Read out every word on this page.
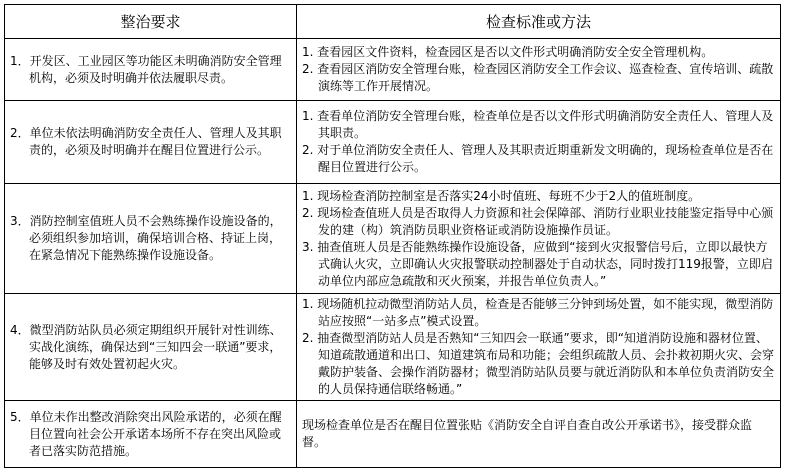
整治要求	检查标准或方法

1．开发区、工业园区等功能区未明确消防安全管理机构，必须及时明确并依法履职尽责。	1. 查看园区文件资料，检查园区是否以文件形式明确消防安全安全管理机构。
2. 查看园区消防安全管理台账，检查园区消防安全工作会议、巡查检查、宣传培训、疏散演练等工作开展情况。

2．单位未依法明确消防安全责任人、管理人及其职责的，必须及时明确并在醒目位置进行公示。	1. 查看单位消防安全管理台账，检查单位是否以文件形式明确消防安全责任人、管理人及其职责。
2. 对于单位消防安全责任人、管理人及其职责近期重新发文明确的，现场检查单位是否在醒目位置进行公示。

3．消防控制室值班人员不会熟练操作设施设备的，必须组织参加培训，确保培训合格、持证上岗，在紧急情况下能熟练操作设施设备。	1. 现场检查消防控制室是否落实24小时值班、每班不少于2人的值班制度。
2. 现场检查值班人员是否取得人力资源和社会保障部、消防行业职业技能鉴定指导中心颁发的建（构）筑消防员职业资格证或消防设施操作员证。
3. 抽查值班人员是否能熟练操作设施设备，应做到“接到火灾报警信号后，立即以最快方式确认火灾，立即确认火灾报警联动控制器处于自动状态，同时拨打119报警，立即启动单位内部应急疏散和灭火预案，并报告单位负责人。”

4．微型消防站队员必须定期组织开展针对性训练、实战化演练，确保达到“三知四会一联通”要求，能够及时有效处置初起火灾。	1. 现场随机拉动微型消防站人员，检查是否能够三分钟到场处置，如不能实现，微型消防站应按照“一站多点”模式设置。
2. 抽查微型消防站人员是否熟知“三知四会一联通”要求，即“知道消防设施和器材位置、知道疏散通道和出口、知道建筑布局和功能；会组织疏散人员、会扑救初期火灾、会穿戴防护装备、会操作消防器材；微型消防站队员要与就近消防队和本单位负责消防安全的人员保持通信联络畅通。”

5．单位未作出整改消除突出风险承诺的，必须在醒目位置向社会公开承诺本场所不存在突出风险或者已落实防范措施。	现场检查单位是否在醒目位置张贴《消防安全自评自查自改公开承诺书》，接受群众监督。
